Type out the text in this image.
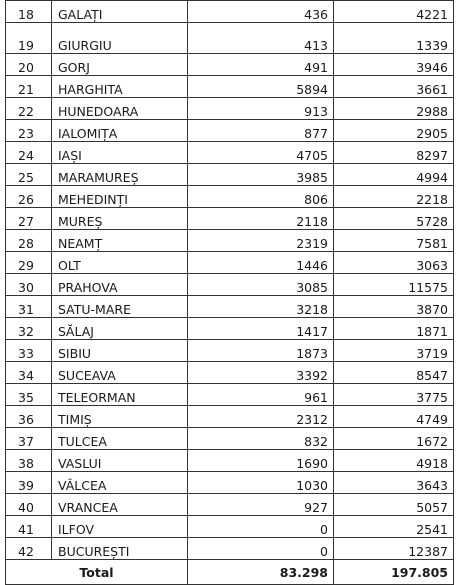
18	GALAȚI	436	4221
19	GIURGIU	413	1339
20	GORJ	491	3946
21	HARGHITA	5894	3661
22	HUNEDOARA	913	2988
23	IALOMIȚA	877	2905
24	IAȘI	4705	8297
25	MARAMUREȘ	3985	4994
26	MEHEDINȚI	806	2218
27	MUREȘ	2118	5728
28	NEAMȚ	2319	7581
29	OLT	1446	3063
30	PRAHOVA	3085	11575
31	SATU-MARE	3218	3870
32	SĂLAJ	1417	1871
33	SIBIU	1873	3719
34	SUCEAVA	3392	8547
35	TELEORMAN	961	3775
36	TIMIȘ	2312	4749
37	TULCEA	832	1672
38	VASLUI	1690	4918
39	VÂLCEA	1030	3643
40	VRANCEA	927	5057
41	ILFOV	0	2541
42	BUCUREȘTI	0	12387
Total		83.298	197.805
